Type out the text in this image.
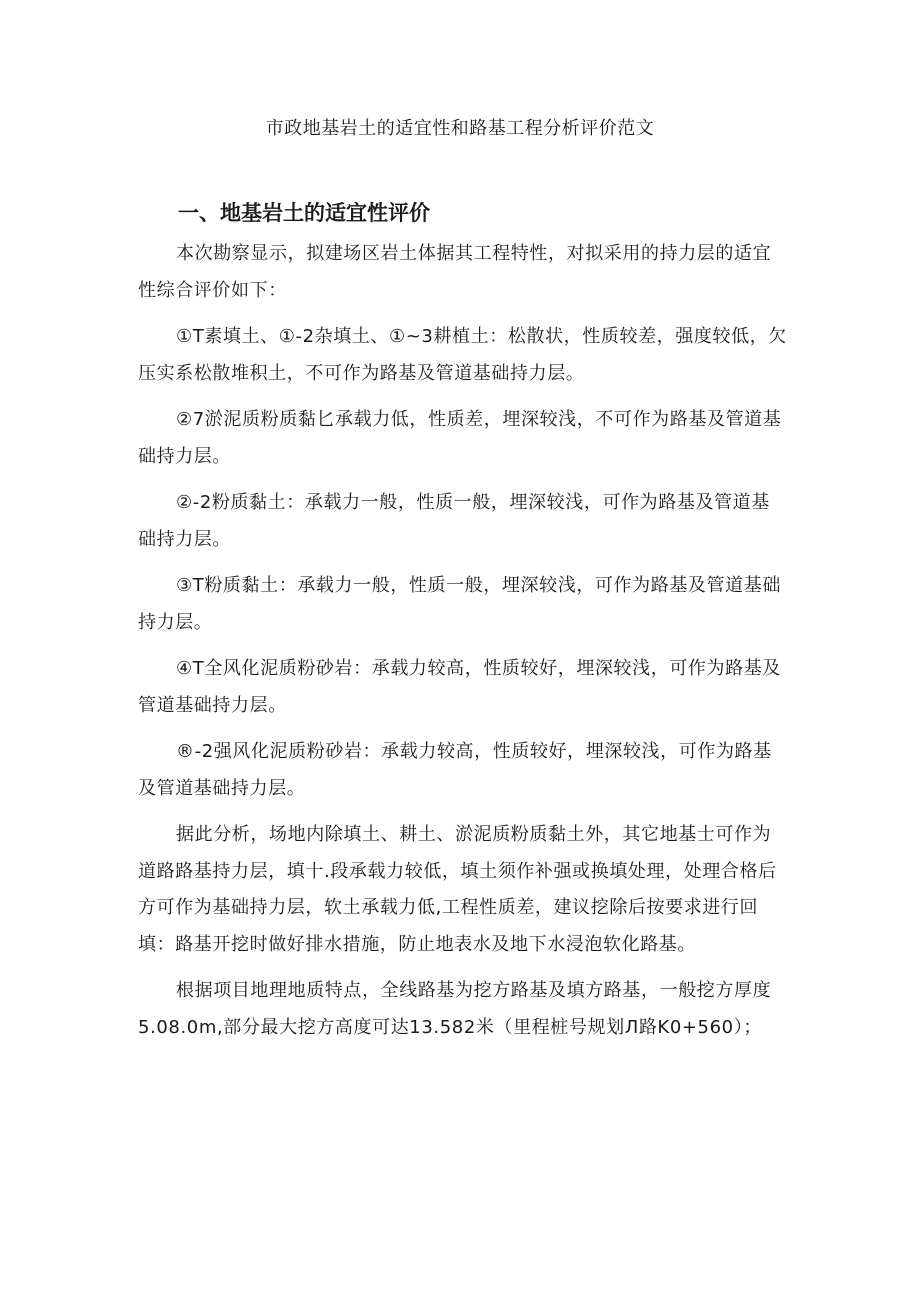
市政地基岩土的适宜性和路基工程分析评价范文
一、地基岩土的适宜性评价

本次勘察显示，拟建场区岩土体据其工程特性，对拟采用的持力层的适宜性综合评价如下：

①T素填土、①-2杂填土、①~3耕植土：松散状，性质较差，强度较低，欠压实系松散堆积土，不可作为路基及管道基础持力层。

②7淤泥质粉质黏匕承载力低，性质差，埋深较浅，不可作为路基及管道基础持力层。

②-2粉质黏土：承载力一般，性质一般，埋深较浅，可作为路基及管道基础持力层。

③T粉质黏土：承载力一般，性质一般，埋深较浅，可作为路基及管道基础持力层。

④T全风化泥质粉砂岩：承载力较高，性质较好，埋深较浅，可作为路基及管道基础持力层。

®-2强风化泥质粉砂岩：承载力较高，性质较好，埋深较浅，可作为路基及管道基础持力层。

据此分析，场地内除填土、耕土、淤泥质粉质黏土外，其它地基士可作为道路路基持力层，填十.段承载力较低，填土须作补强或换填处理，处理合格后方可作为基础持力层，软土承载力低,工程性质差，建议挖除后按要求进行回填：路基开挖时做好排水措施，防止地表水及地下水浸泡软化路基。

根据项目地理地质特点，全线路基为挖方路基及填方路基，一般挖方厚度5.08.0m,部分最大挖方高度可达13.582米（里程桩号规划Л路K0+560）；
